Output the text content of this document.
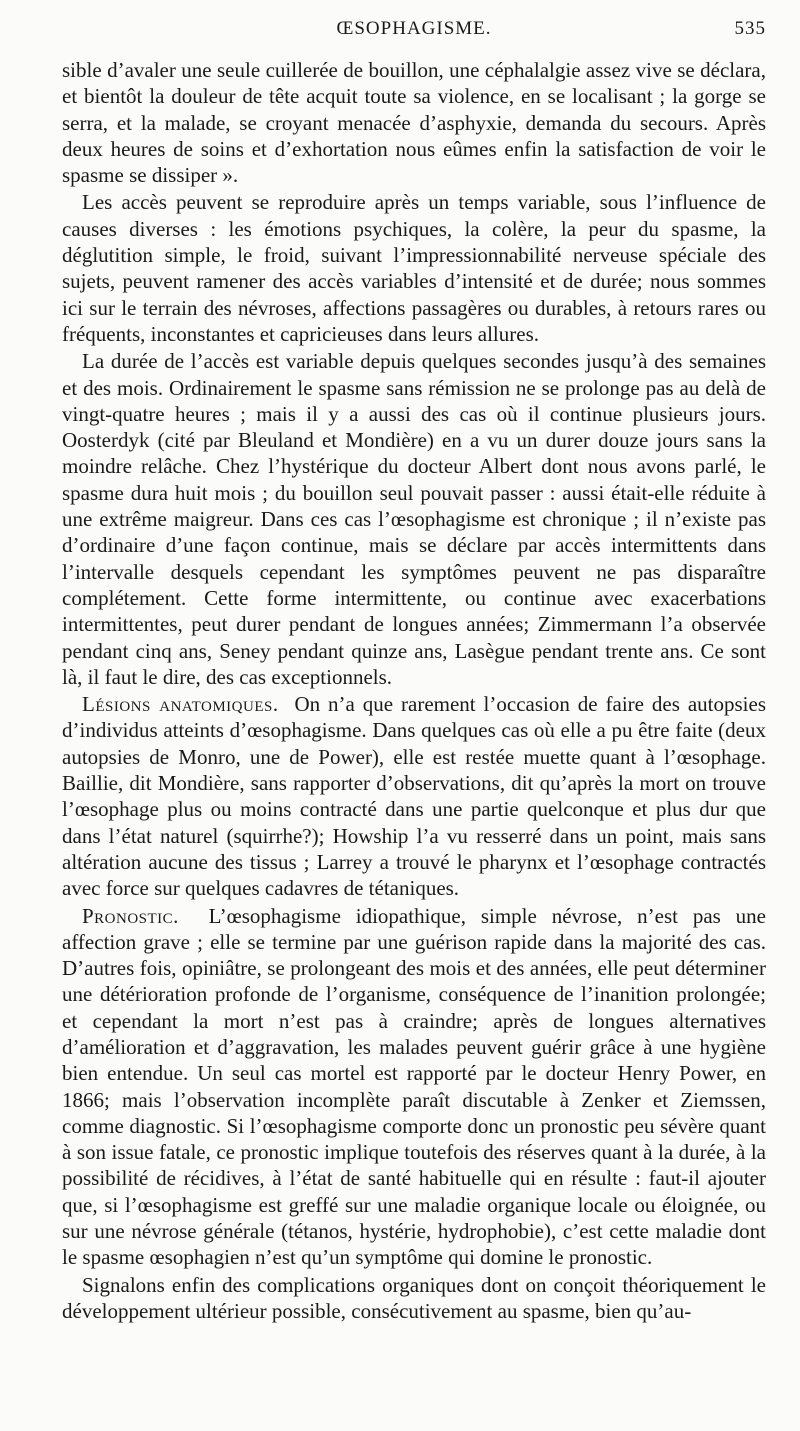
ŒSOPHAGISME.	535

sible d’avaler une seule cuillerée de bouillon, une céphalalgie assez vive se déclara, et bientôt la douleur de tête acquit toute sa violence, en se localisant ; la gorge se serra, et la malade, se croyant menacée d’asphyxie, demanda du secours. Après deux heures de soins et d’exhortation nous eûmes enfin la satisfaction de voir le spasme se dissiper ».

Les accès peuvent se reproduire après un temps variable, sous l’influence de causes diverses : les émotions psychiques, la colère, la peur du spasme, la déglutition simple, le froid, suivant l’impressionnabilité nerveuse spéciale des sujets, peuvent ramener des accès variables d’intensité et de durée; nous sommes ici sur le terrain des névroses, affections passagères ou durables, à retours rares ou fréquents, inconstantes et capricieuses dans leurs allures.

La durée de l’accès est variable depuis quelques secondes jusqu’à des semaines et des mois. Ordinairement le spasme sans rémission ne se prolonge pas au delà de vingt-quatre heures ; mais il y a aussi des cas où il continue plusieurs jours. Oosterdyk (cité par Bleuland et Mondière) en a vu un durer douze jours sans la moindre relâche. Chez l’hystérique du docteur Albert dont nous avons parlé, le spasme dura huit mois ; du bouillon seul pouvait passer : aussi était-elle réduite à une extrême maigreur. Dans ces cas l’œsophagisme est chronique ; il n’existe pas d’ordinaire d’une façon continue, mais se déclare par accès intermittents dans l’intervalle desquels cependant les symptômes peuvent ne pas disparaître complétement. Cette forme intermittente, ou continue avec exacerbations intermittentes, peut durer pendant de longues années; Zimmermann l’a observée pendant cinq ans, Seney pendant quinze ans, Lasègue pendant trente ans. Ce sont là, il faut le dire, des cas exceptionnels.

Lésions anatomiques. On n’a que rarement l’occasion de faire des autopsies d’individus atteints d’œsophagisme. Dans quelques cas où elle a pu être faite (deux autopsies de Monro, une de Power), elle est restée muette quant à l’œsophage. Baillie, dit Mondière, sans rapporter d’observations, dit qu’après la mort on trouve l’œsophage plus ou moins contracté dans une partie quelconque et plus dur que dans l’état naturel (squirrhe?); Howship l’a vu resserré dans un point, mais sans altération aucune des tissus ; Larrey a trouvé le pharynx et l’œsophage contractés avec force sur quelques cadavres de tétaniques.

Pronostic. L’œsophagisme idiopathique, simple névrose, n’est pas une affection grave ; elle se termine par une guérison rapide dans la majorité des cas. D’autres fois, opiniâtre, se prolongeant des mois et des années, elle peut déterminer une détérioration profonde de l’organisme, conséquence de l’inanition prolongée; et cependant la mort n’est pas à craindre; après de longues alternatives d’amélioration et d’aggravation, les malades peuvent guérir grâce à une hygiène bien entendue. Un seul cas mortel est rapporté par le docteur Henry Power, en 1866; mais l’observation incomplète paraît discutable à Zenker et Ziemssen, comme diagnostic. Si l’œsophagisme comporte donc un pronostic peu sévère quant à son issue fatale, ce pronostic implique toutefois des réserves quant à la durée, à la possibilité de récidives, à l’état de santé habituelle qui en résulte : faut-il ajouter que, si l’œsophagisme est greffé sur une maladie organique locale ou éloignée, ou sur une névrose générale (tétanos, hystérie, hydrophobie), c’est cette maladie dont le spasme œsophagien n’est qu’un symptôme qui domine le pronostic.

Signalons enfin des complications organiques dont on conçoit théoriquement le développement ultérieur possible, consécutivement au spasme, bien qu’au-
